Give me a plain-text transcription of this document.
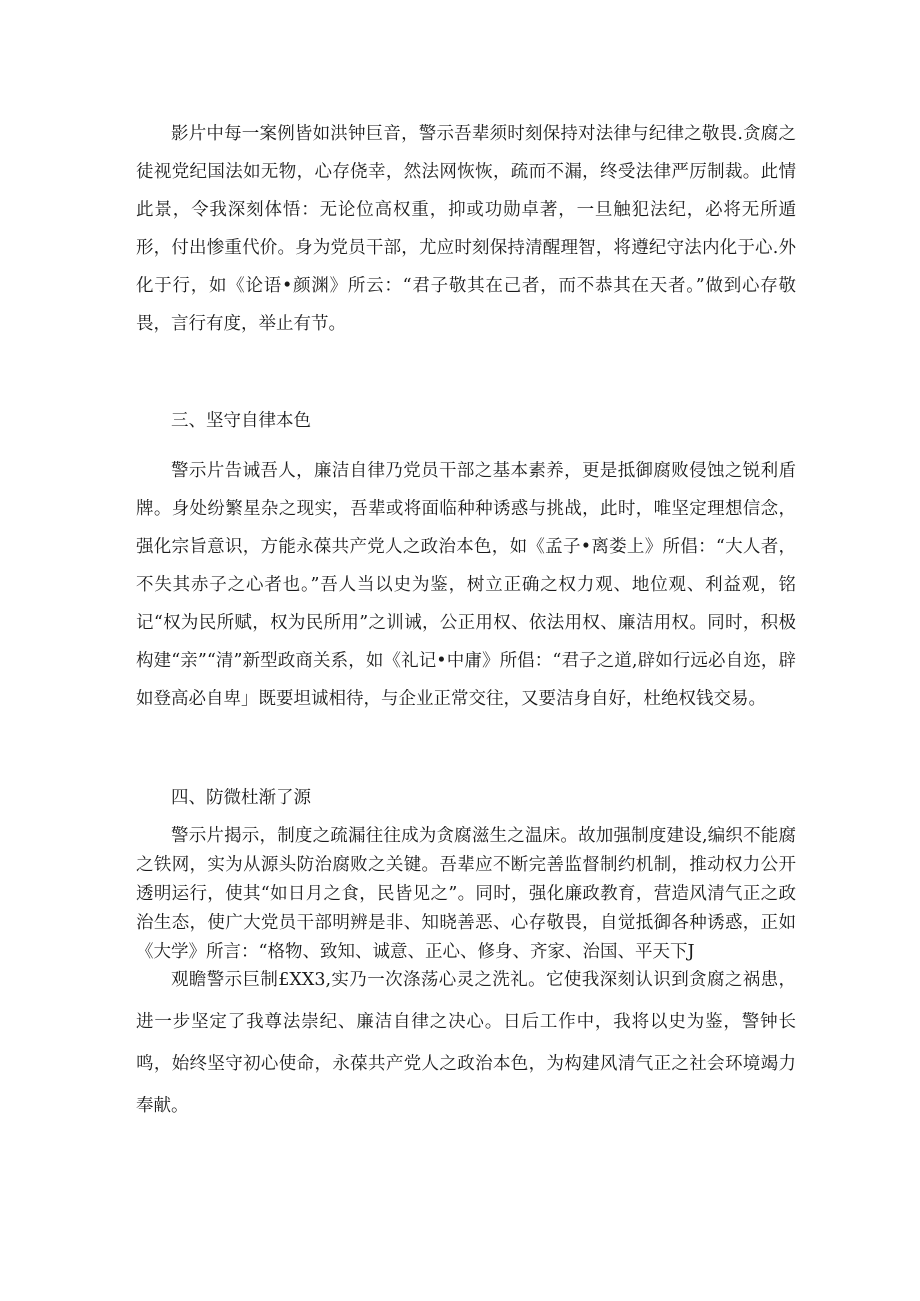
影片中每一案例皆如洪钟巨音，警示吾辈须时刻保持对法律与纪律之敬畏.贪腐之徒视党纪国法如无物，心存侥幸，然法网恢恢，疏而不漏，终受法律严厉制裁。此情此景，令我深刻体悟：无论位高权重，抑或功勋卓著，一旦触犯法纪，必将无所遁形，付出惨重代价。身为党员干部，尤应时刻保持清醒理智，将遵纪守法内化于心.外化于行，如《论语•颜渊》所云：“君子敬其在己者，而不恭其在天者。”做到心存敬畏，言行有度，举止有节。

三、坚守自律本色

警示片告诫吾人，廉洁自律乃党员干部之基本素养，更是抵御腐败侵蚀之锐利盾牌。身处纷繁星杂之现实，吾辈或将面临种种诱惑与挑战，此时，唯坚定理想信念，强化宗旨意识，方能永葆共产党人之政治本色，如《孟子•离娄上》所倡：“大人者，不失其赤子之心者也。”吾人当以史为鉴，树立正确之权力观、地位观、利益观，铭记“权为民所赋，权为民所用”之训诫，公正用权、依法用权、廉洁用权。同时，积极构建“亲”“清”新型政商关系，如《礼记•中庸》所倡：“君子之道,辟如行远必自迩，辟如登高必自卑」既要坦诚相待，与企业正常交往，又要洁身自好，杜绝权钱交易。

四、防微杜渐了源

警示片揭示，制度之疏漏往往成为贪腐滋生之温床。故加强制度建设,编织不能腐之铁网，实为从源头防治腐败之关键。吾辈应不断完善监督制约机制，推动权力公开透明运行，使其“如日月之食，民皆见之”。同时，强化廉政教育，营造风清气正之政治生态，使广大党员干部明辨是非、知晓善恶、心存敬畏，自觉抵御各种诱惑，正如《大学》所言：“格物、致知、诚意、正心、修身、齐家、治国、平天下J

观瞻警示巨制£XX3,实乃一次涤荡心灵之洗礼。它使我深刻认识到贪腐之祸患，进一步坚定了我尊法崇纪、廉洁自律之决心。日后工作中，我将以史为鉴，警钟长鸣，始终坚守初心使命，永葆共产党人之政治本色，为构建风清气正之社会环境竭力奉献。
